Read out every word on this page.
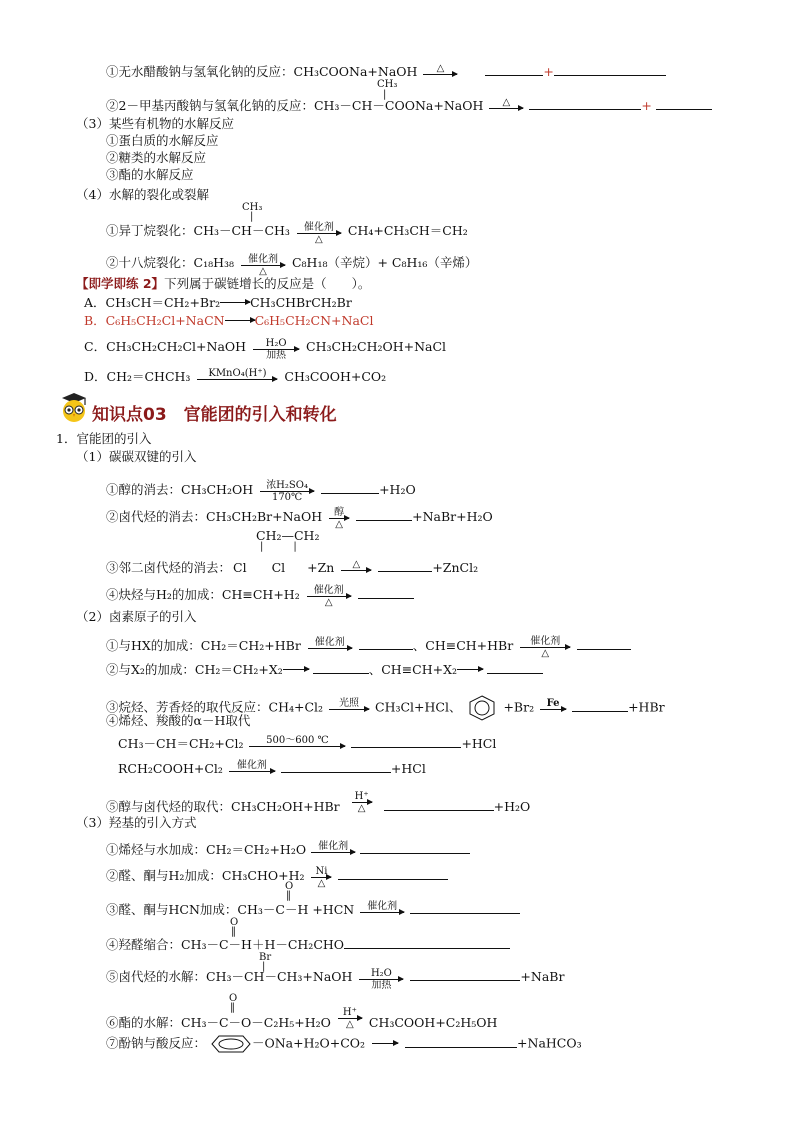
①无水醋酸钠与氢氧化钠的反应：CH₃COONa+NaOH	△	+
CH₃
|
②2－甲基丙酸钠与氢氧化钠的反应：CH₃－CH－COONa+NaOH	△	+
（3）某些有机物的水解反应
①蛋白质的水解反应
②糖类的水解反应
③酯的水解反应
（4）水解的裂化或裂解
CH₃
|
①异丁烷裂化：CH₃－CH－CH₃	催化剂
△
CH₄+CH₃CH＝CH₂
②十八烷裂化：C₁₈H₃₈	催化剂
△
C₈H₁₈（辛烷）+ C₈H₁₆（辛烯）
【即学即练 2】下列属于碳链增长的反应是（　　）。
A．CH₃CH＝CH₂+Br₂ CH₃CHBrCH₂Br
B．C₆H₅CH₂Cl+NaCN C₆H₅CH₂CN+NaCl
C．CH₃CH₂CH₂Cl+NaOH	H₂O
加热
CH₃CH₂CH₂OH+NaCl
D．CH₂＝CHCH₃	KMnO₄(H⁺)	CH₃COOH+CO₂
知识点03　官能团的引入和转化
1．官能团的引入
（1）碳碳双键的引入
①醇的消去：CH₃CH₂OH	浓H₂SO₄
170℃
+H₂O
②卤代烃的消去：CH₃CH₂Br+NaOH	醇
△
+NaBr+H₂O
CH₂—CH₂
|　　　|
③邻二卤代烃的消去： Cl　　Cl +Zn	△	+ZnCl₂
④炔烃与H₂的加成：CH≡CH+H₂	催化剂
△

（2）卤素原子的引入
①与HX的加成：CH₂＝CH₂+HBr	催化剂	、CH≡CH+HBr	催化剂
△

②与X₂的加成：CH₂＝CH₂+X₂	、CH≡CH+X₂

③烷烃、芳香烃的取代反应：CH₄+Cl₂	光照	CH₃Cl+HCl、	+Br₂	Fe	+HBr
④烯烃、羧酸的α－H取代
CH₃－CH＝CH₂+Cl₂	500～600 ℃	+HCl
RCH₂COOH+Cl₂	催化剂	+HCl
⑤醇与卤代烃的取代：CH₃CH₂OH+HBr
H⁺
△	+H₂O
（3）羟基的引入方式
①烯烃与水加成：CH₂＝CH₂+H₂O	催化剂

②醛、酮与H₂加成：CH₃CHO+H₂	Ni
△

O
‖
③醛、酮与HCN加成：CH₃－C－H +HCN	催化剂

O
‖
④羟醛缩合：CH₃－C－H＋H－CH₂CHO
Br
|
⑤卤代烃的水解：CH₃－CH－CH₃+NaOH	H₂O
加热
+NaBr
O
‖
⑥酯的水解：CH₃－C－O－C₂H₅+H₂O
H⁺
△	CH₃COOH+C₂H₅OH
⑦酚钠与酸反应：	－ONa+H₂O+CO₂	+NaHCO₃
